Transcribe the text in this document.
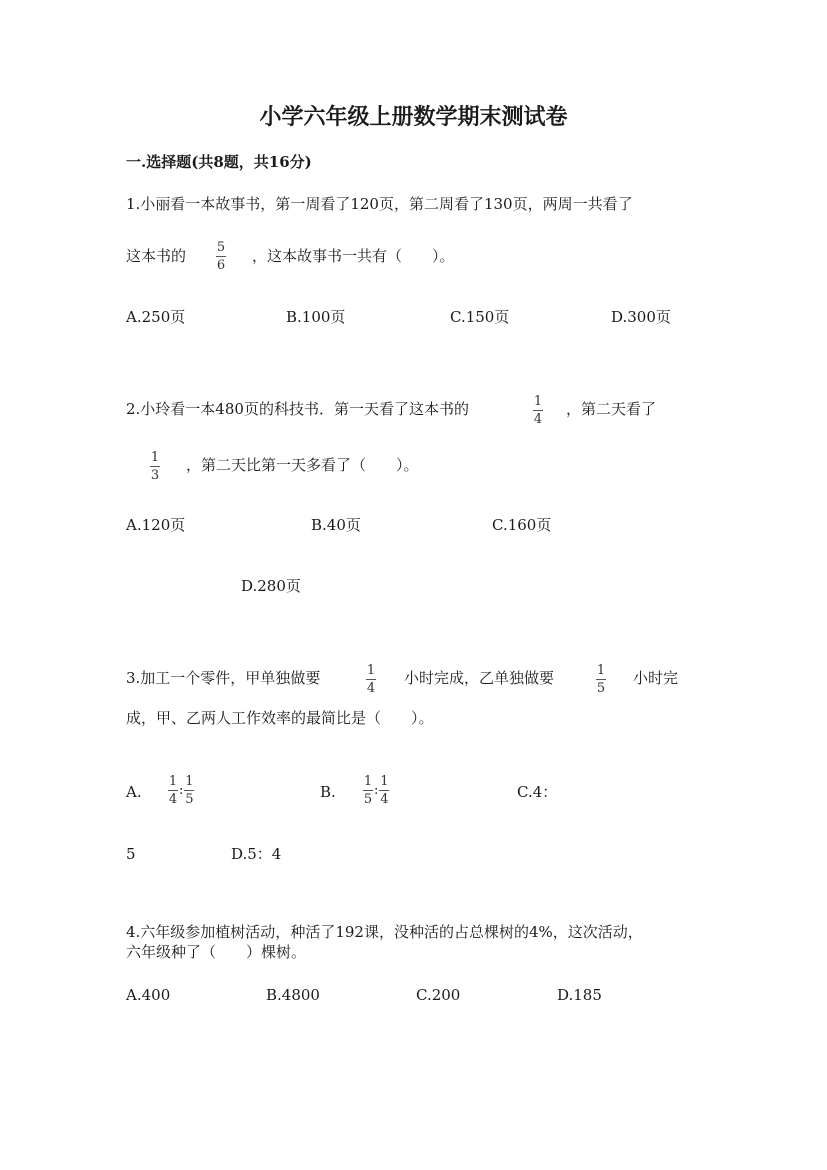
小学六年级上册数学期末测试卷
一.选择题(共8题，共16分)
1.小丽看一本故事书，第一周看了120页，第二周看了130页，两周一共看了
这本书的 5
6
，这本故事书一共有（　　）。
A.250页	B.100页	C.150页	D.300页
2.小玲看一本480页的科技书．第一天看了这本书的	1
4
，第二天看了
1
3
，第二天比第一天多看了（　　）。
A.120页	B.40页	C.160页
D.280页
3.加工一个零件，甲单独做要	1
4
小时完成，乙单独做要	1
5
小时完
成，甲、乙两人工作效率的最简比是（　　）。
A. $\frac{1}{4}$ : $\frac{1}{5}$	B. $\frac{1}{5}$ : $\frac{1}{4}$	C.4：
5	D.5：4
4.六年级参加植树活动，种活了192课，没种活的占总棵树的4%，这次活动，
六年级种了（　　）棵树。
A.400	B.4800	C.200	D.185
